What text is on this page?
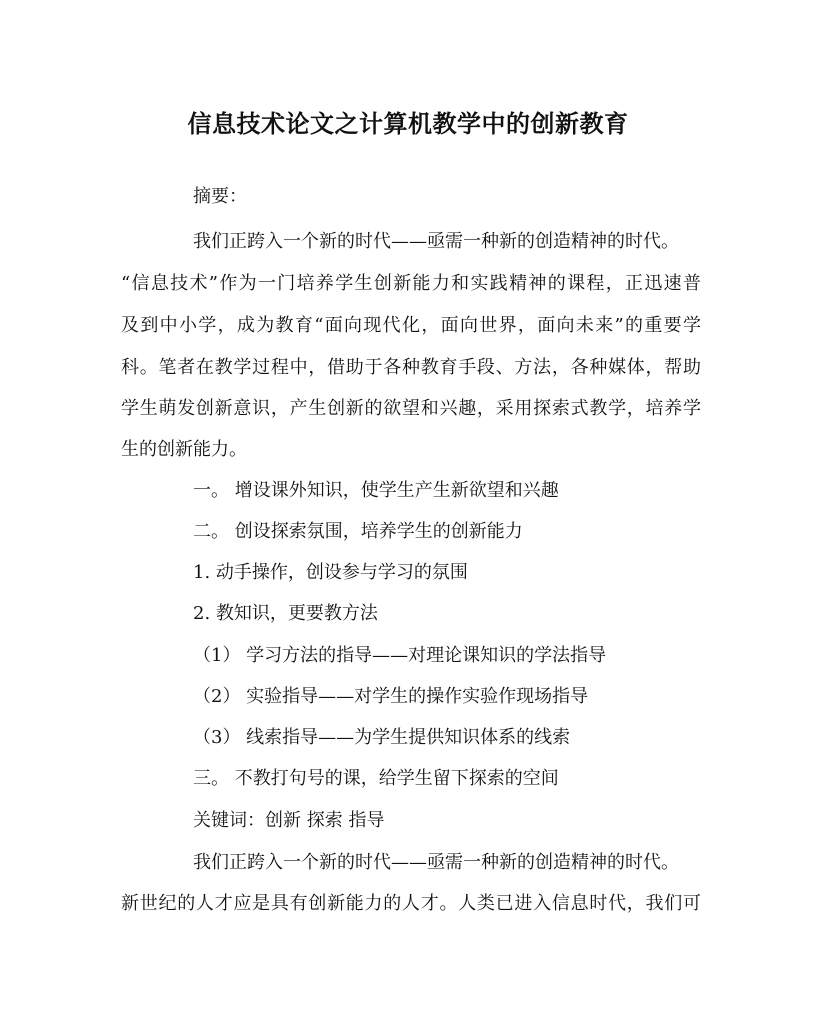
信息技术论文之计算机教学中的创新教育
摘要：
我们正跨入一个新的时代——亟需一种新的创造精神的时代。
“信息技术”作为一门培养学生创新能力和实践精神的课程，正迅速普
及到中小学，成为教育“面向现代化，面向世界，面向未来”的重要学
科。笔者在教学过程中，借助于各种教育手段、方法，各种媒体，帮助
学生萌发创新意识，产生创新的欲望和兴趣，采用探索式教学，培养学
生的创新能力。
一。 增设课外知识，使学生产生新欲望和兴趣
二。 创设探索氛围，培养学生的创新能力
1. 动手操作，创设参与学习的氛围
2. 教知识，更要教方法
（1） 学习方法的指导——对理论课知识的学法指导
（2） 实验指导——对学生的操作实验作现场指导
（3） 线索指导——为学生提供知识体系的线索
三。 不教打句号的课，给学生留下探索的空间
关键词：创新 探索 指导
我们正跨入一个新的时代——亟需一种新的创造精神的时代。
新世纪的人才应是具有创新能力的人才。人类已进入信息时代，我们可
